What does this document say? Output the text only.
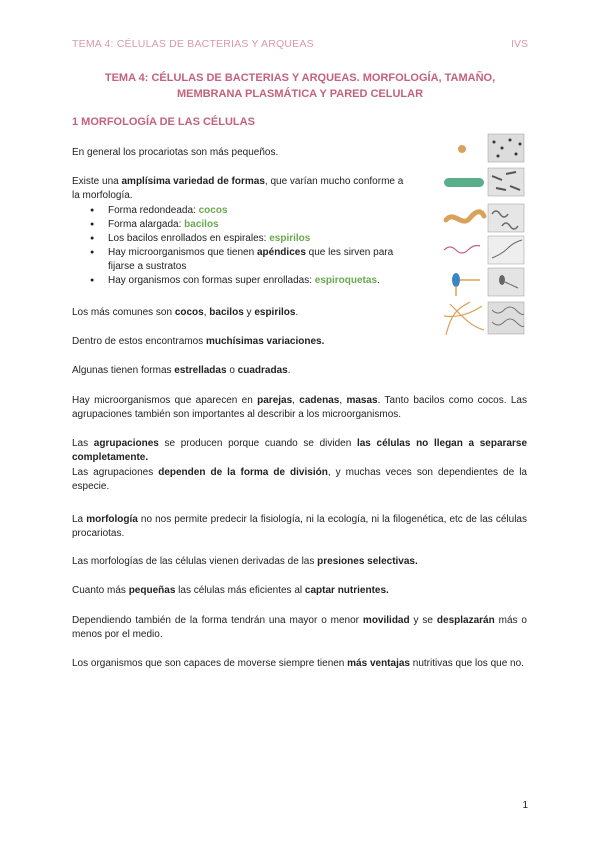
TEMA 4: CÉLULAS DE BACTERIAS Y ARQUEAS	IVS
TEMA 4: CÉLULAS DE BACTERIAS Y ARQUEAS. MORFOLOGÍA, TAMAÑO,
MEMBRANA PLASMÁTICA Y PARED CELULAR
1 MORFOLOGÍA DE LAS CÉLULAS
En general los procariotas son más pequeños.
Existe una amplísima variedad de formas, que varían mucho conforme a la morfología.
● Forma redondeada: cocos
● Forma alargada: bacilos
● Los bacilos enrollados en espirales: espirilos
● Hay microorganismos que tienen apéndices que les sirven para fijarse a sustratos
● Hay organismos con formas super enrolladas: espiroquetas.
Los más comunes son cocos, bacilos y espirilos.
Dentro de estos encontramos muchísimas variaciones.
Algunas tienen formas estrelladas o cuadradas.
Hay microorganismos que aparecen en parejas, cadenas, masas. Tanto bacilos como cocos. Las agrupaciones también son importantes al describir a los microorganismos.
Las agrupaciones se producen porque cuando se dividen las células no llegan a separarse completamente.
Las agrupaciones dependen de la forma de división, y muchas veces son dependientes de la especie.
La morfología no nos permite predecir la fisiología, ni la ecología, ni la filogenética, etc de las células procariotas.
Las morfologías de las células vienen derivadas de las presiones selectivas.
Cuanto más pequeñas las células más eficientes al captar nutrientes.
Dependiendo también de la forma tendrán una mayor o menor movilidad y se desplazarán más o menos por el medio.
Los organismos que son capaces de moverse siempre tienen más ventajas nutritivas que los que no.
1
